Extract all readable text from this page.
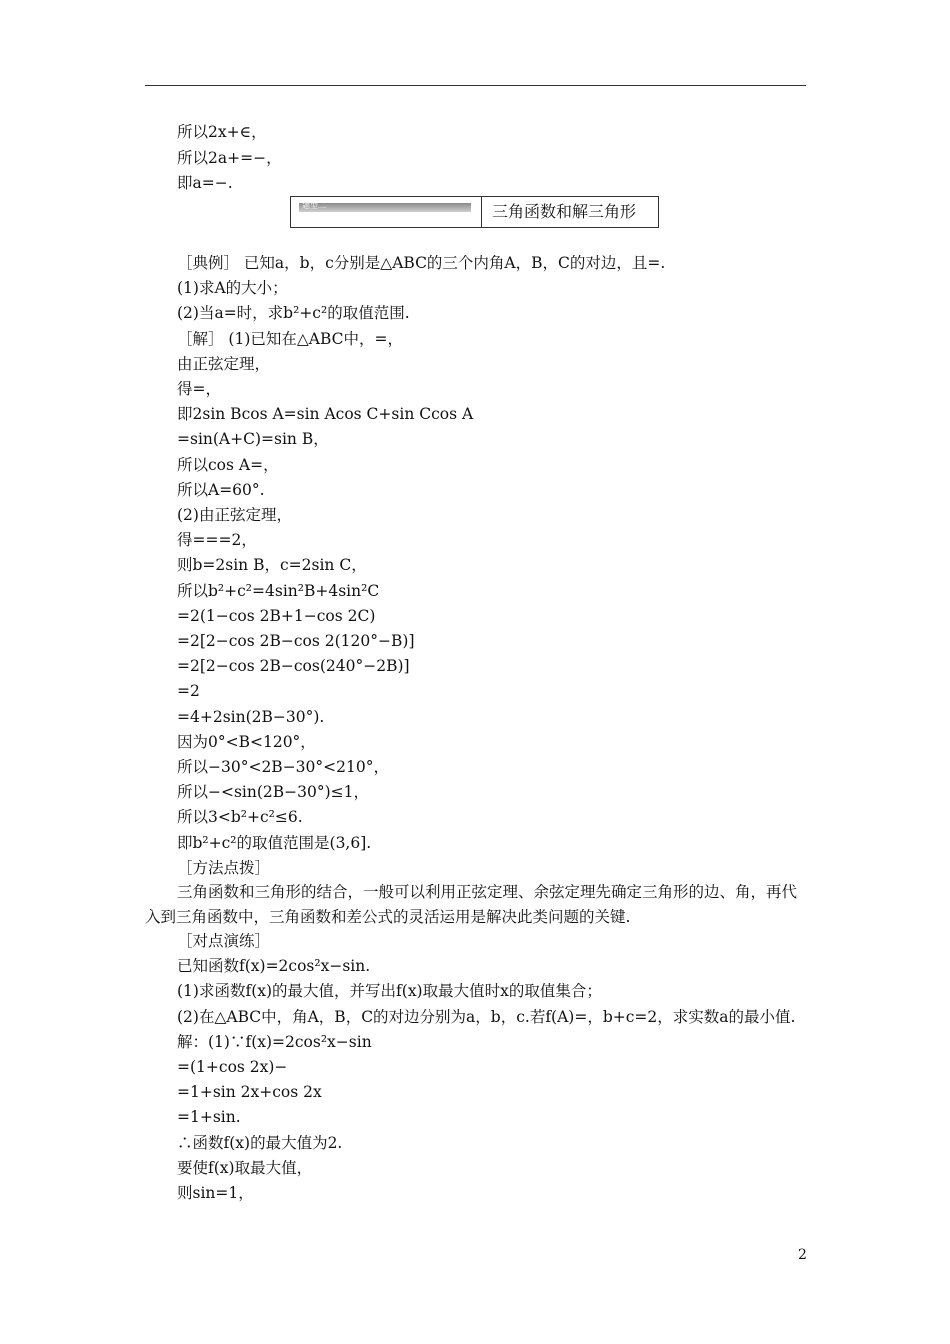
所以2x+∈，
所以2a+=−，
即a=−.
题型二	三角函数和解三角形
［典例］ 已知a，b，c分别是△ABC的三个内角A，B，C的对边，且=.
(1)求A的大小；
(2)当a=时，求b²+c²的取值范围.
［解］ (1)已知在△ABC中，=，
由正弦定理，
得=，
即2sin Bcos A=sin Acos C+sin Ccos A
=sin(A+C)=sin B，
所以cos A=，
所以A=60°.
(2)由正弦定理，
得===2，
则b=2sin B，c=2sin C，
所以b²+c²=4sin²B+4sin²C
=2(1−cos 2B+1−cos 2C)
=2[2−cos 2B−cos 2(120°−B)]
=2[2−cos 2B−cos(240°−2B)]
=2
=4+2sin(2B−30°).
因为0°<B<120°，
所以−30°<2B−30°<210°，
所以−<sin(2B−30°)≤1，
所以3<b²+c²≤6.
即b²+c²的取值范围是(3,6].
［方法点拨］
三角函数和三角形的结合，一般可以利用正弦定理、余弦定理先确定三角形的边、角，再代入到三角函数中，三角函数和差公式的灵活运用是解决此类问题的关键.
［对点演练］
已知函数f(x)=2cos²x−sin.
(1)求函数f(x)的最大值，并写出f(x)取最大值时x的取值集合；
(2)在△ABC中，角A，B，C的对边分别为a，b，c.若f(A)=，b+c=2，求实数a的最小值.
解：(1)∵f(x)=2cos²x−sin
=(1+cos 2x)−
=1+sin 2x+cos 2x
=1+sin.
∴函数f(x)的最大值为2.
要使f(x)取最大值，
则sin=1，
2
